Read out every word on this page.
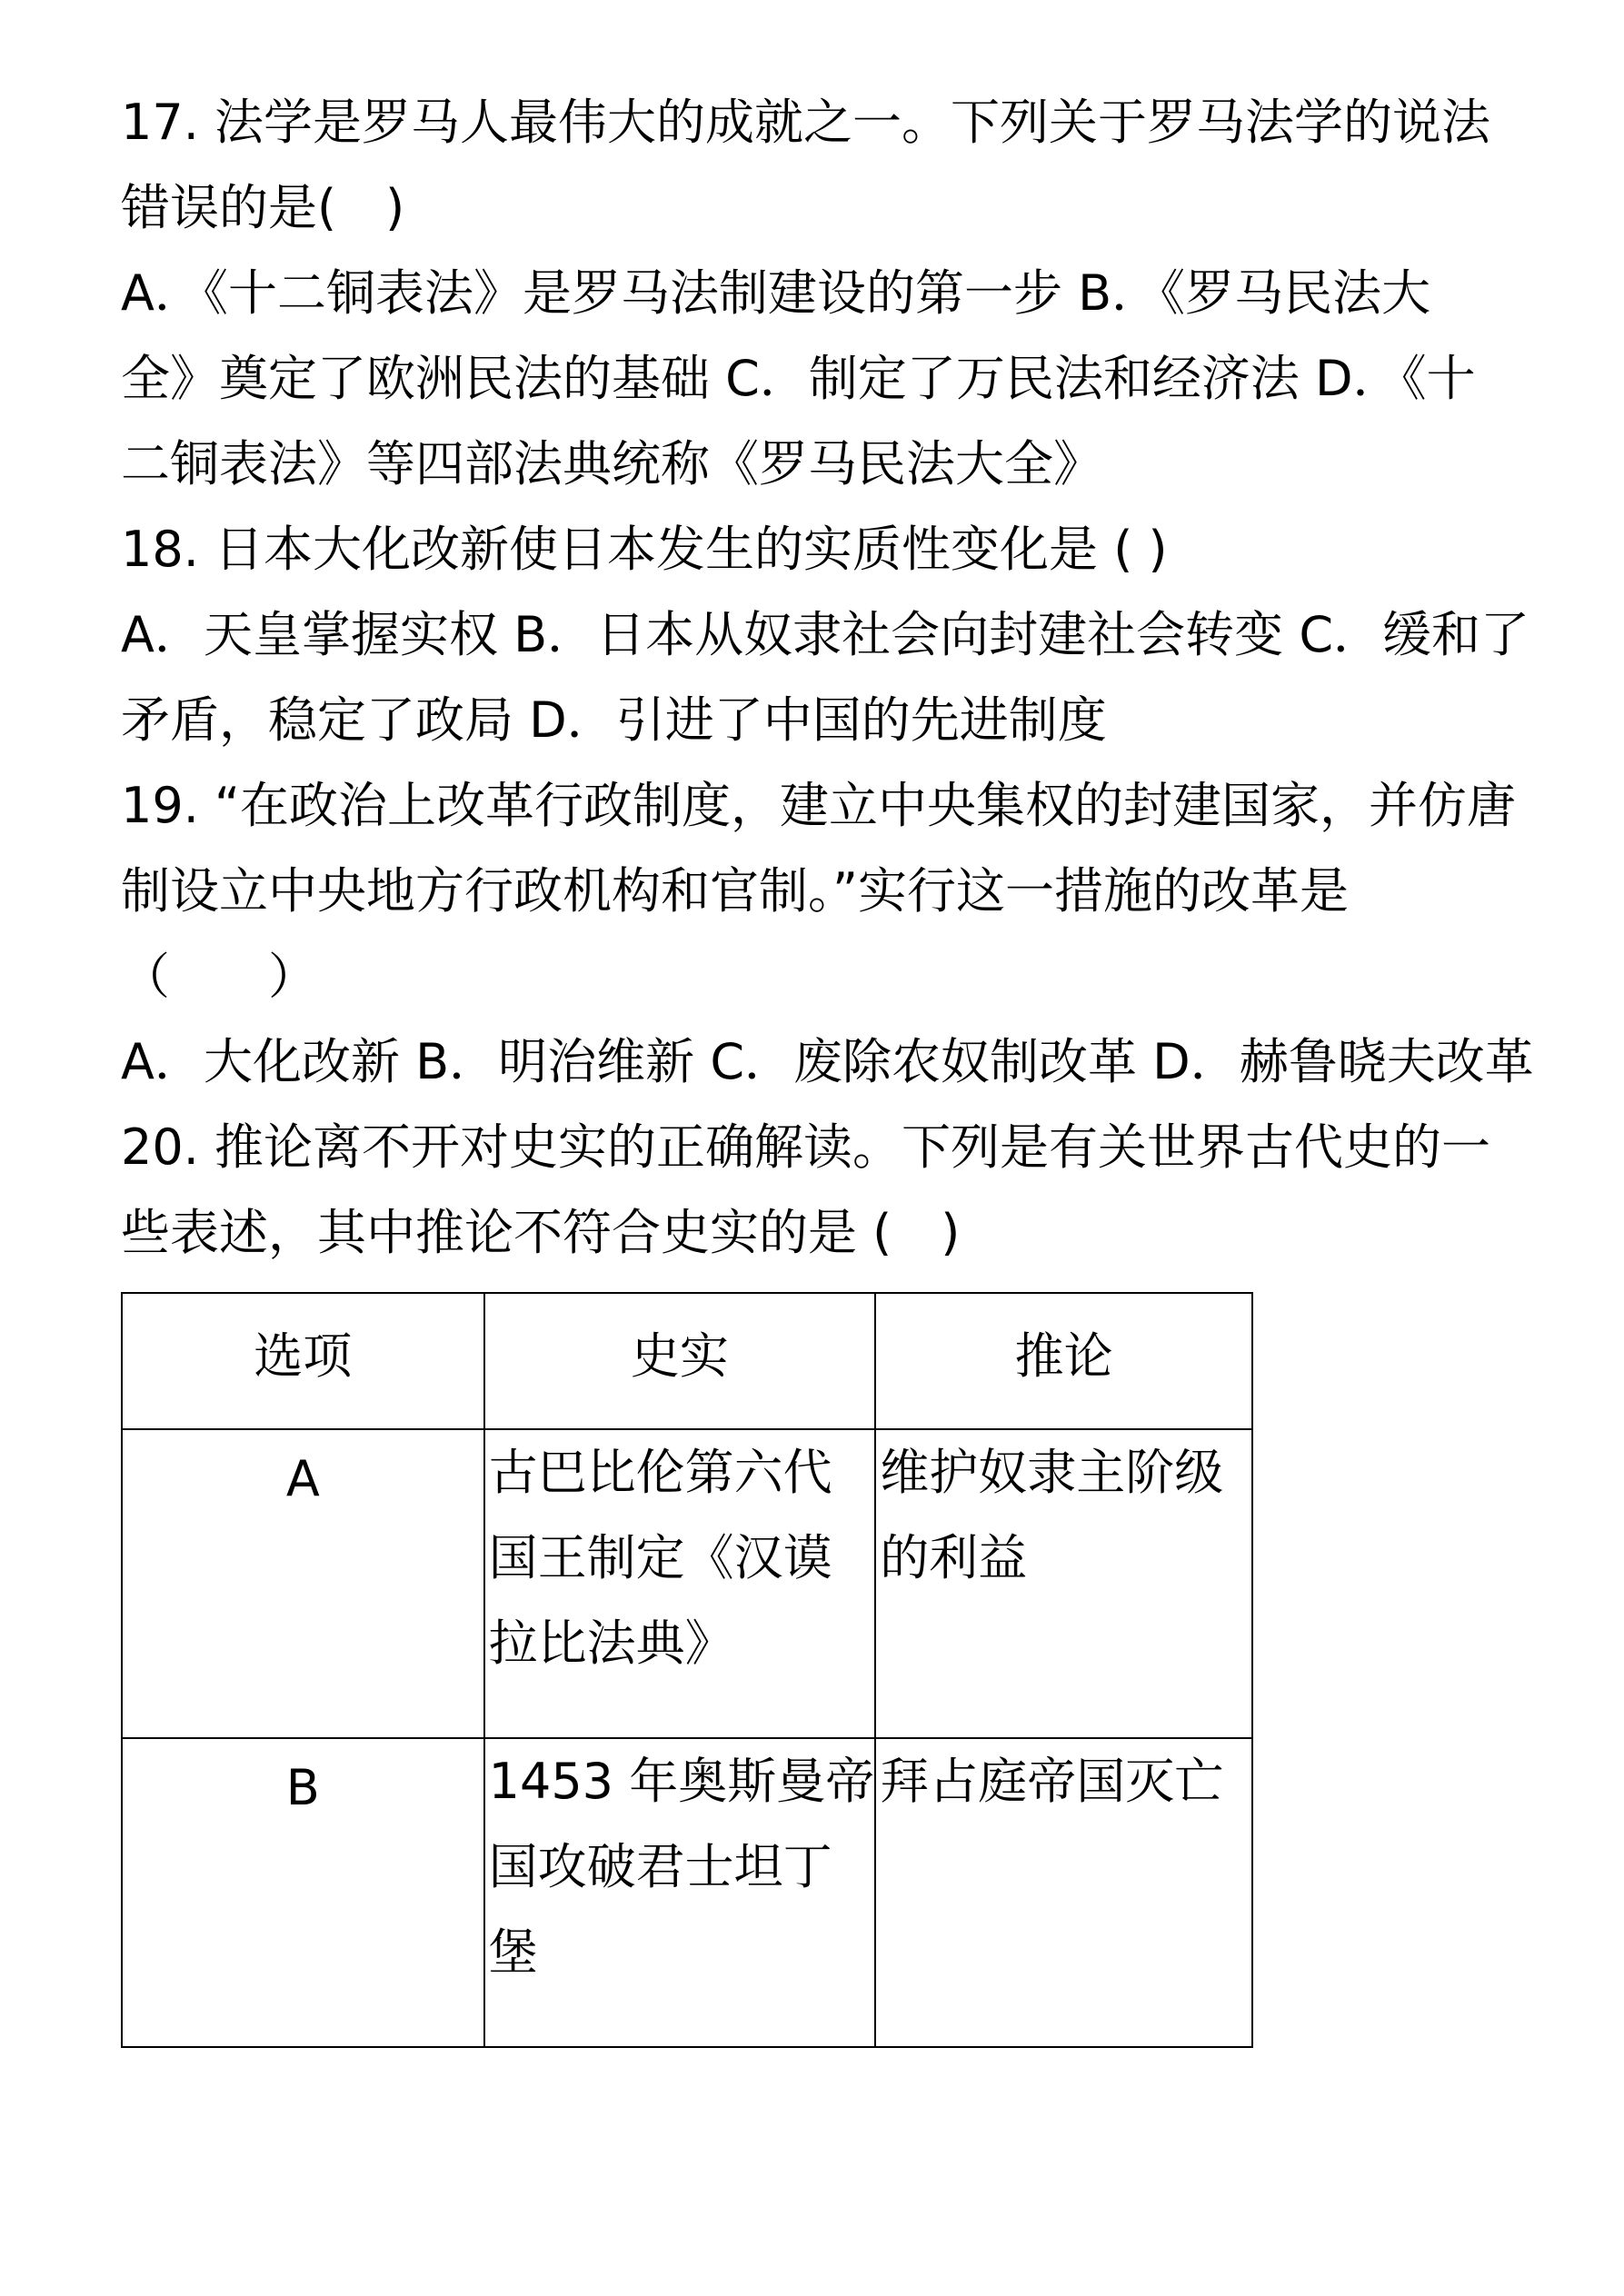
17. 法学是罗马人最伟大的成就之一。下列关于罗马法学的说法
错误的是(　)
A．《十二铜表法》是罗马法制建设的第一步 B．《罗马民法大
全》奠定了欧洲民法的基础 C．制定了万民法和经济法 D．《十
二铜表法》等四部法典统称《罗马民法大全》
18. 日本大化改新使日本发生的实质性变化是 ( )
A．天皇掌握实权 B．日本从奴隶社会向封建社会转变 C．缓和了
矛盾，稳定了政局 D．引进了中国的先进制度
19. “在政治上改革行政制度，建立中央集权的封建国家，并仿唐
制设立中央地方行政机构和官制。”实行这一措施的改革是
（　　）
A．大化改新 B．明治维新 C．废除农奴制改革 D．赫鲁晓夫改革
20. 推论离不开对史实的正确解读。下列是有关世界古代史的一
些表述，其中推论不符合史实的是 (　)
选项	史实	推论
A	古巴比伦第六代
国王制定《汉谟
拉比法典》	维护奴隶主阶级
的利益

B	1453 年奥斯曼帝
国攻破君士坦丁
堡	拜占庭帝国灭亡
